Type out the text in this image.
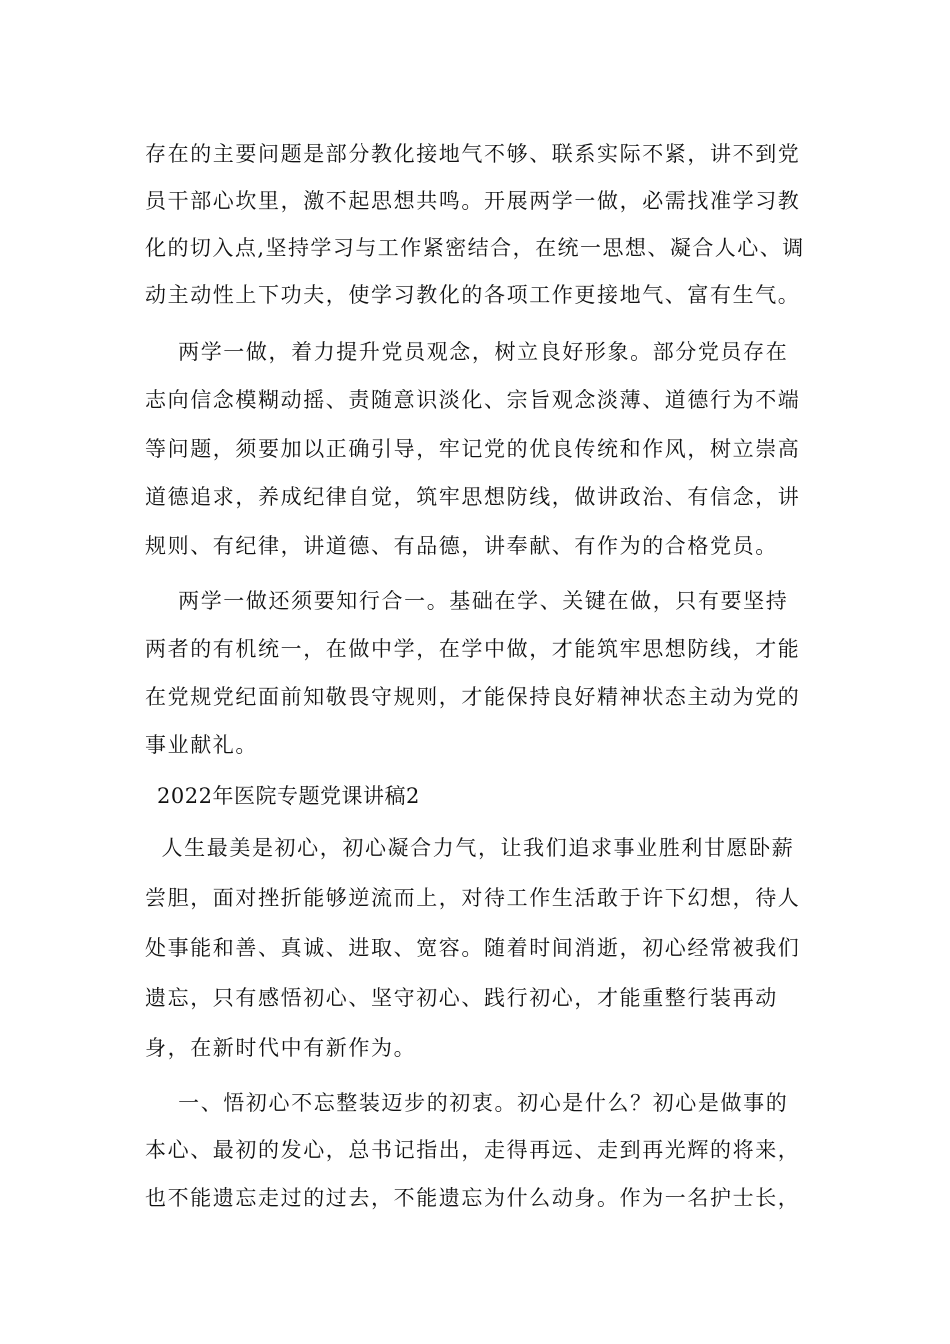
存在的主要问题是部分教化接地气不够、联系实际不紧，讲不到党
员干部心坎里，激不起思想共鸣。开展两学一做，必需找准学习教
化的切入点,坚持学习与工作紧密结合，在统一思想、凝合人心、调
动主动性上下功夫，使学习教化的各项工作更接地气、富有生气。
两学一做，着力提升党员观念，树立良好形象。部分党员存在
志向信念模糊动摇、责随意识淡化、宗旨观念淡薄、道德行为不端
等问题，须要加以正确引导，牢记党的优良传统和作风，树立崇高
道德追求，养成纪律自觉，筑牢思想防线，做讲政治、有信念，讲
规则、有纪律，讲道德、有品德，讲奉献、有作为的合格党员。
两学一做还须要知行合一。基础在学、关键在做，只有要坚持
两者的有机统一，在做中学，在学中做，才能筑牢思想防线，才能
在党规党纪面前知敬畏守规则，才能保持良好精神状态主动为党的
事业献礼。
2022年医院专题党课讲稿2
人生最美是初心，初心凝合力气，让我们追求事业胜利甘愿卧薪
尝胆，面对挫折能够逆流而上，对待工作生活敢于许下幻想，待人
处事能和善、真诚、进取、宽容。随着时间消逝，初心经常被我们
遗忘，只有感悟初心、坚守初心、践行初心，才能重整行装再动
身，在新时代中有新作为。
一、悟初心不忘整装迈步的初衷。初心是什么？初心是做事的
本心、最初的发心，总书记指出，走得再远、走到再光辉的将来，
也不能遗忘走过的过去，不能遗忘为什么动身。作为一名护士长，
